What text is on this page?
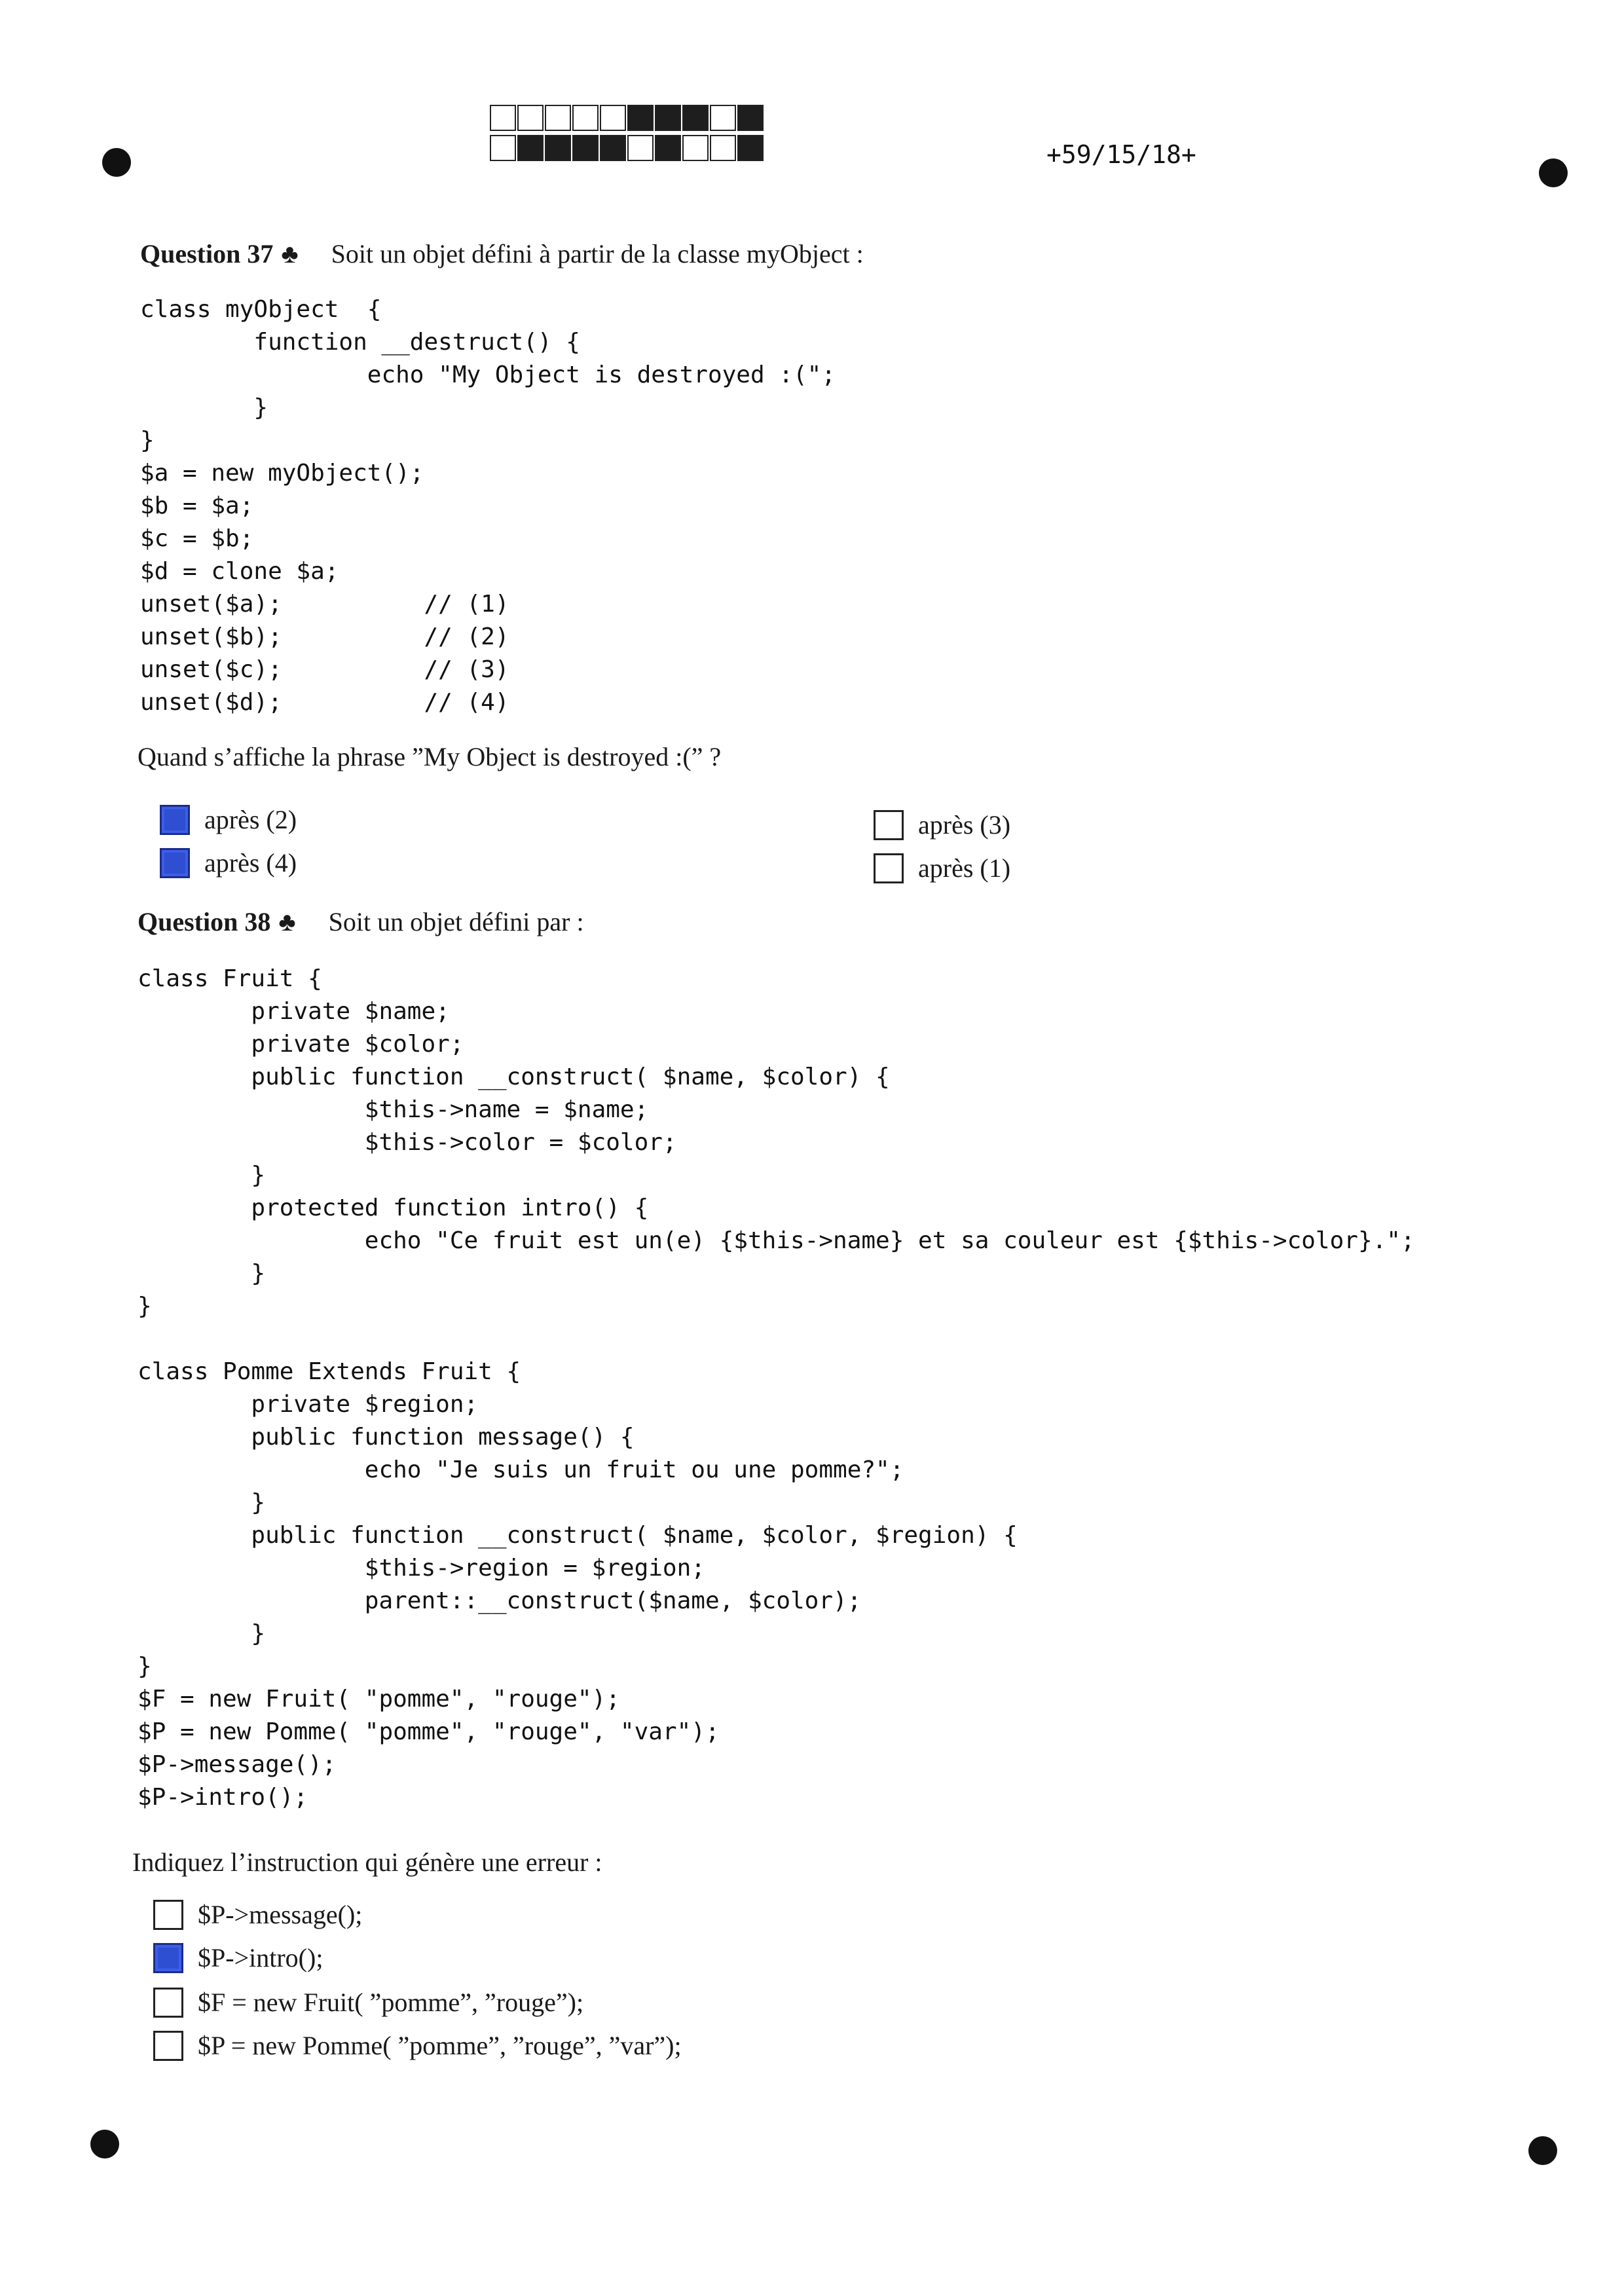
+59/15/18+
Question 37 ♣ Soit un objet défini à partir de la classe myObject :
class myObject  {
function __destruct() {
echo "My Object is destroyed :(";
}
}
$a = new myObject();
$b = $a;
$c = $b;
$d = clone $a;
unset($a);          // (1)
unset($b);          // (2)
unset($c);          // (3)
unset($d);          // (4)
Quand s’affiche la phrase ”My Object is destroyed :(” ?
après (2)	après (3)
après (4)	après (1)
Question 38 ♣ Soit un objet défini par :
class Fruit {
private $name;
private $color;
public function __construct( $name, $color) {
$this->name = $name;
$this->color = $color;
}
protected function intro() {
echo "Ce fruit est un(e) {$this->name} et sa couleur est {$this->color}.";
}
}

class Pomme Extends Fruit {
private $region;
public function message() {
echo "Je suis un fruit ou une pomme?";
}
public function __construct( $name, $color, $region) {
$this->region = $region;
parent::__construct($name, $color);
}
}
$F = new Fruit( "pomme", "rouge");
$P = new Pomme( "pomme", "rouge", "var");
$P->message();
$P->intro();
Indiquez l’instruction qui génère une erreur :
$P->message();
$P->intro();
$F = new Fruit( ”pomme”, ”rouge”);
$P = new Pomme( ”pomme”, ”rouge”, ”var”);
